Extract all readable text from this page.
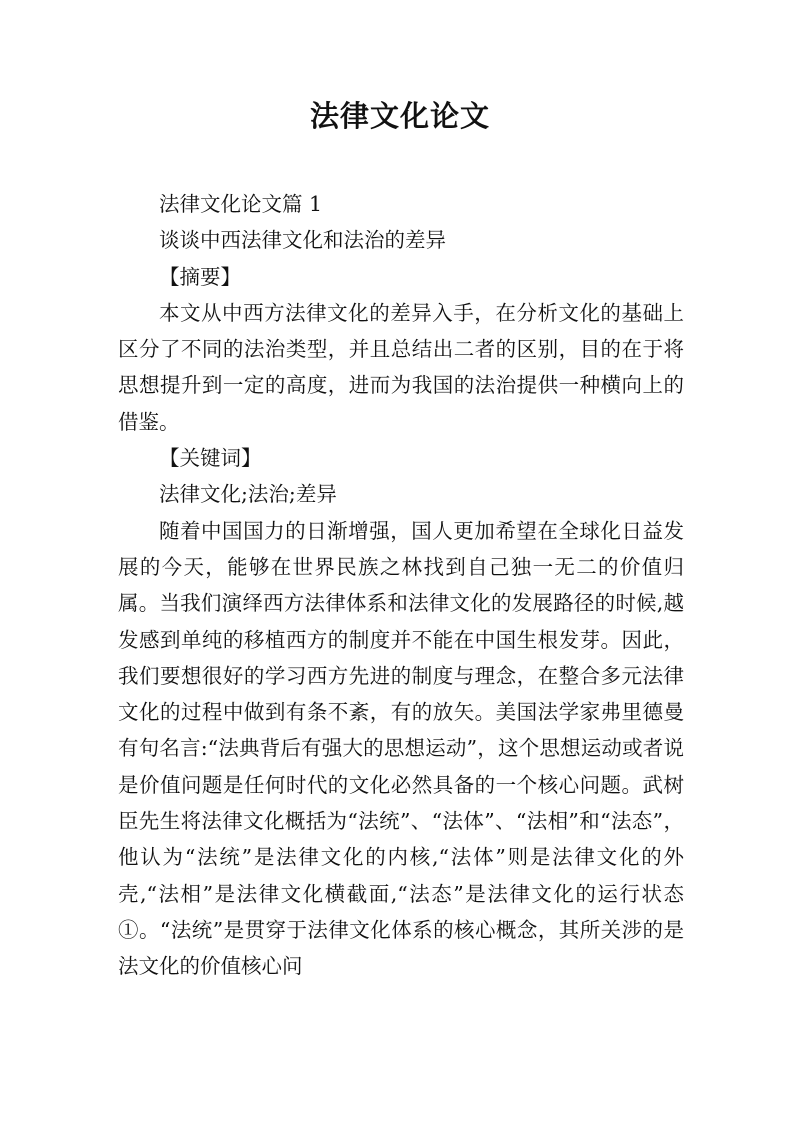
法律文化论文

法律文化论文篇 1

谈谈中西法律文化和法治的差异

【摘要】

本文从中西方法律文化的差异入手，在分析文化的基础上区分了不同的法治类型，并且总结出二者的区别，目的在于将思想提升到一定的高度，进而为我国的法治提供一种横向上的借鉴。

【关键词】

法律文化;法治;差异

随着中国国力的日渐增强，国人更加希望在全球化日益发展的今天，能够在世界民族之林找到自己独一无二的价值归属。当我们演绎西方法律体系和法律文化的发展路径的时候,越发感到单纯的移植西方的制度并不能在中国生根发芽。因此，我们要想很好的学习西方先进的制度与理念，在整合多元法律文化的过程中做到有条不紊，有的放矢。美国法学家弗里德曼有句名言:“法典背后有强大的思想运动”，这个思想运动或者说是价值问题是任何时代的文化必然具备的一个核心问题。武树臣先生将法律文化概括为“法统”、“法体”、“法相”和“法态”，他认为“法统”是法律文化的内核,“法体”则是法律文化的外壳,“法相”是法律文化横截面,“法态”是法律文化的运行状态①。“法统”是贯穿于法律文化体系的核心概念，其所关涉的是法文化的价值核心问
